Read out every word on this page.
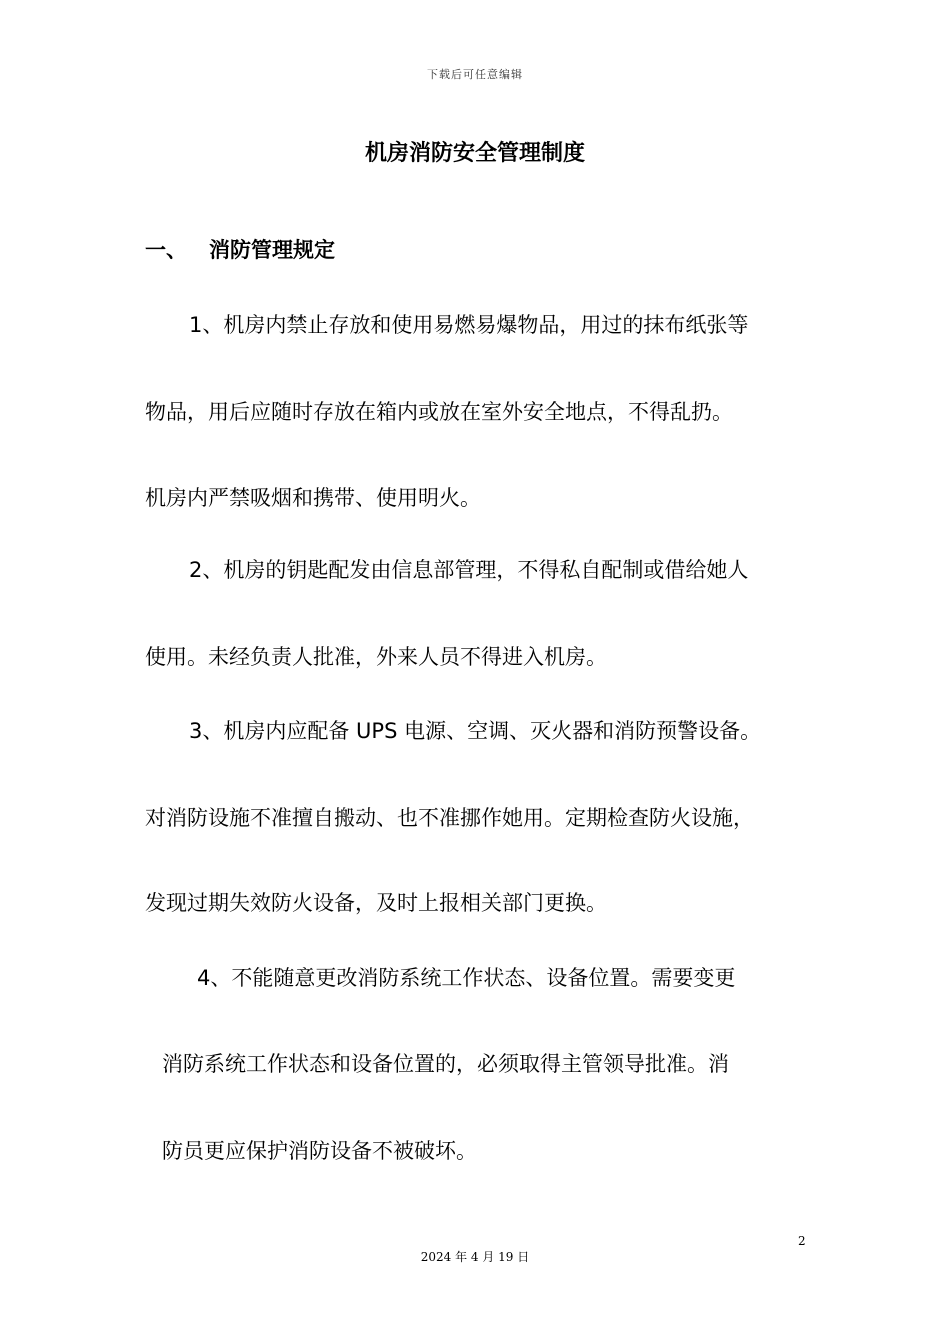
下载后可任意编辑
机房消防安全管理制度
一、 消防管理规定
1、机房内禁止存放和使用易燃易爆物品，用过的抹布纸张等
物品，用后应随时存放在箱内或放在室外安全地点，不得乱扔。
机房内严禁吸烟和携带、使用明火。
2、机房的钥匙配发由信息部管理，不得私自配制或借给她人
使用。未经负责人批准，外来人员不得进入机房。
3、机房内应配备 UPS 电源、空调、灭火器和消防预警设备。
对消防设施不准擅自搬动、也不准挪作她用。定期检查防火设施，
发现过期失效防火设备，及时上报相关部门更换。
4、不能随意更改消防系统工作状态、设备位置。需要变更
消防系统工作状态和设备位置的，必须取得主管领导批准。消
防员更应保护消防设备不被破坏。
2
2024 年 4 月 19 日
